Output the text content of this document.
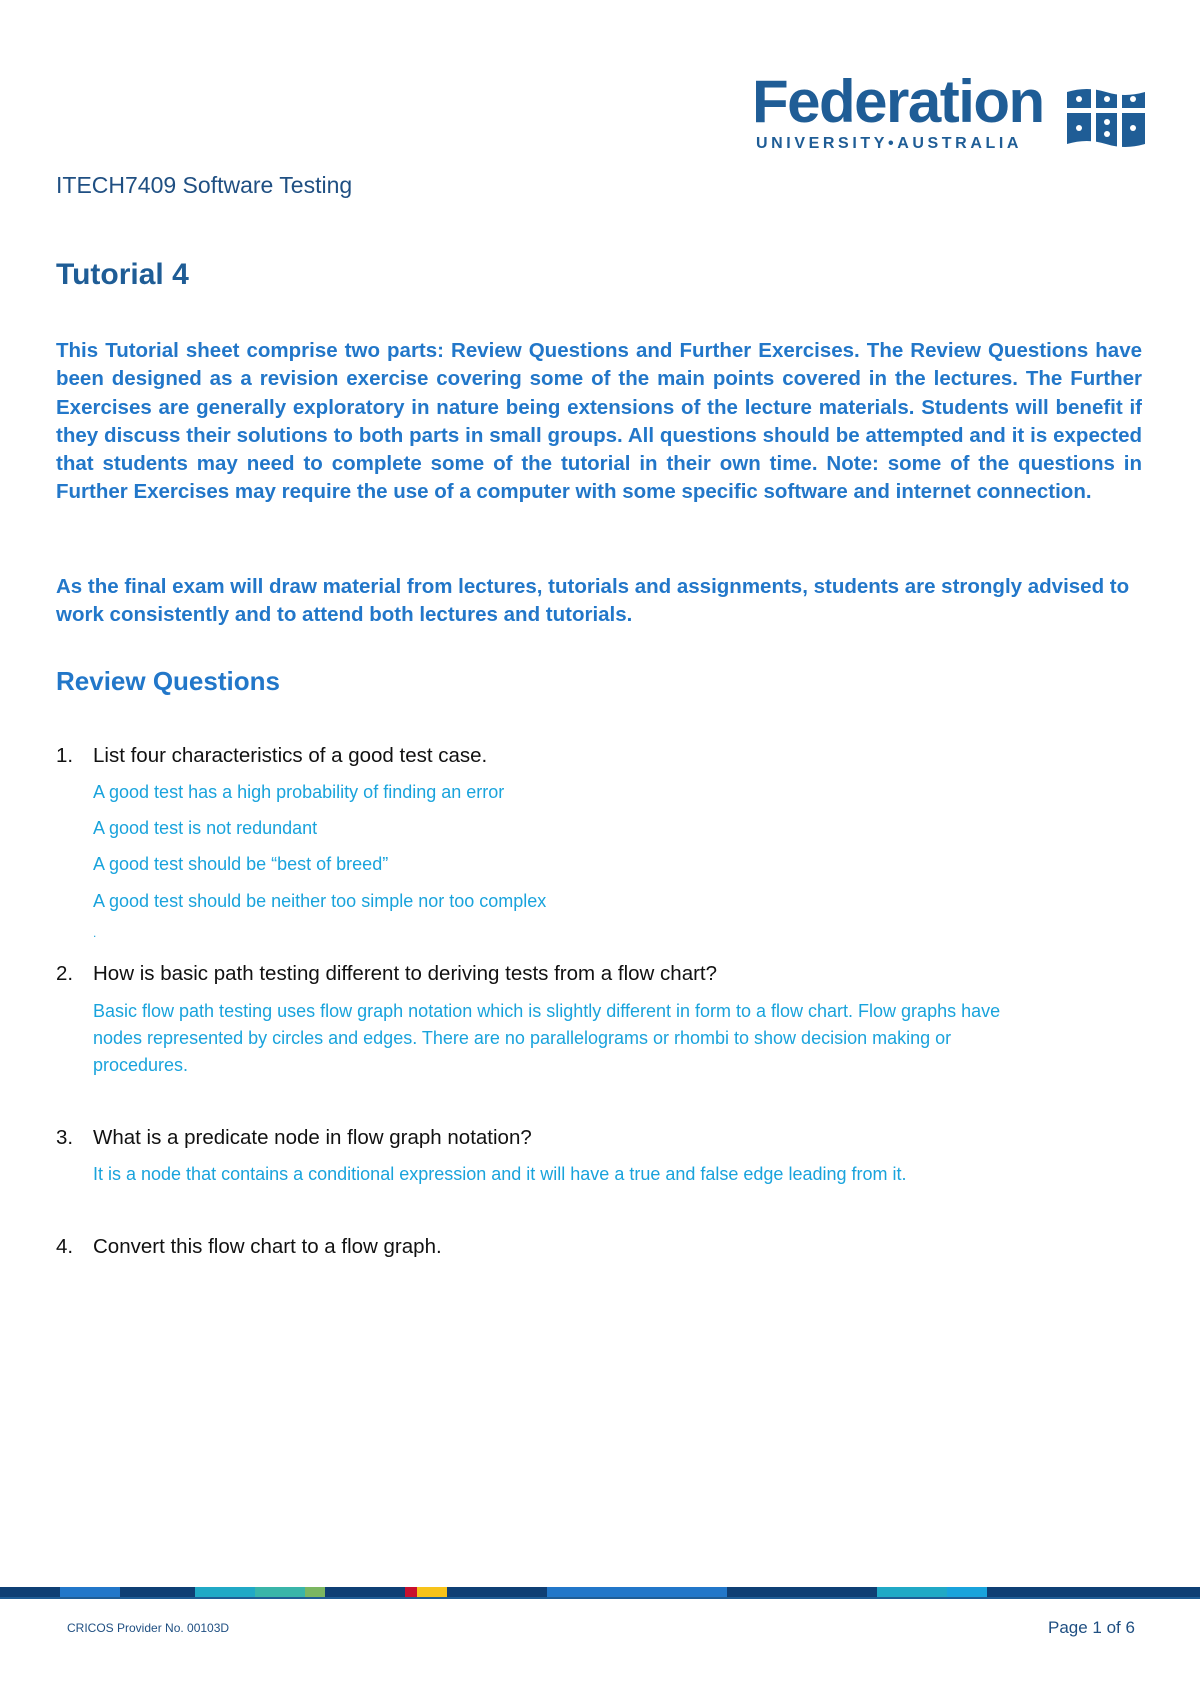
Federation
UNIVERSITY•AUSTRALIA
ITECH7409 Software Testing
Tutorial 4

This Tutorial sheet comprise two parts: Review Questions and Further Exercises. The Review Questions have been designed as a revision exercise covering some of the main points covered in the lectures. The Further Exercises are generally exploratory in nature being extensions of the lecture materials. Students will benefit if they discuss their solutions to both parts in small groups. All questions should be attempted and it is expected that students may need to complete some of the tutorial in their own time. Note: some of the questions in Further Exercises may require the use of a computer with some specific software and internet connection.

As the final exam will draw material from lectures, tutorials and assignments, students are strongly advised to work consistently and to attend both lectures and tutorials.

Review Questions
1. List four characteristics of a good test case.

A good test has a high probability of finding an error

A good test is not redundant

A good test should be “best of breed”

A good test should be neither too simple nor too complex

.

2. How is basic path testing different to deriving tests from a flow chart?

Basic flow path testing uses flow graph notation which is slightly different in form to a flow chart. Flow graphs have nodes represented by circles and edges. There are no parallelograms or rhombi to show decision making or procedures.

3. What is a predicate node in flow graph notation?

It is a node that contains a conditional expression and it will have a true and false edge leading from it.

4. Convert this flow chart to a flow graph.
CRICOS Provider No. 00103D	Page 1 of 6
